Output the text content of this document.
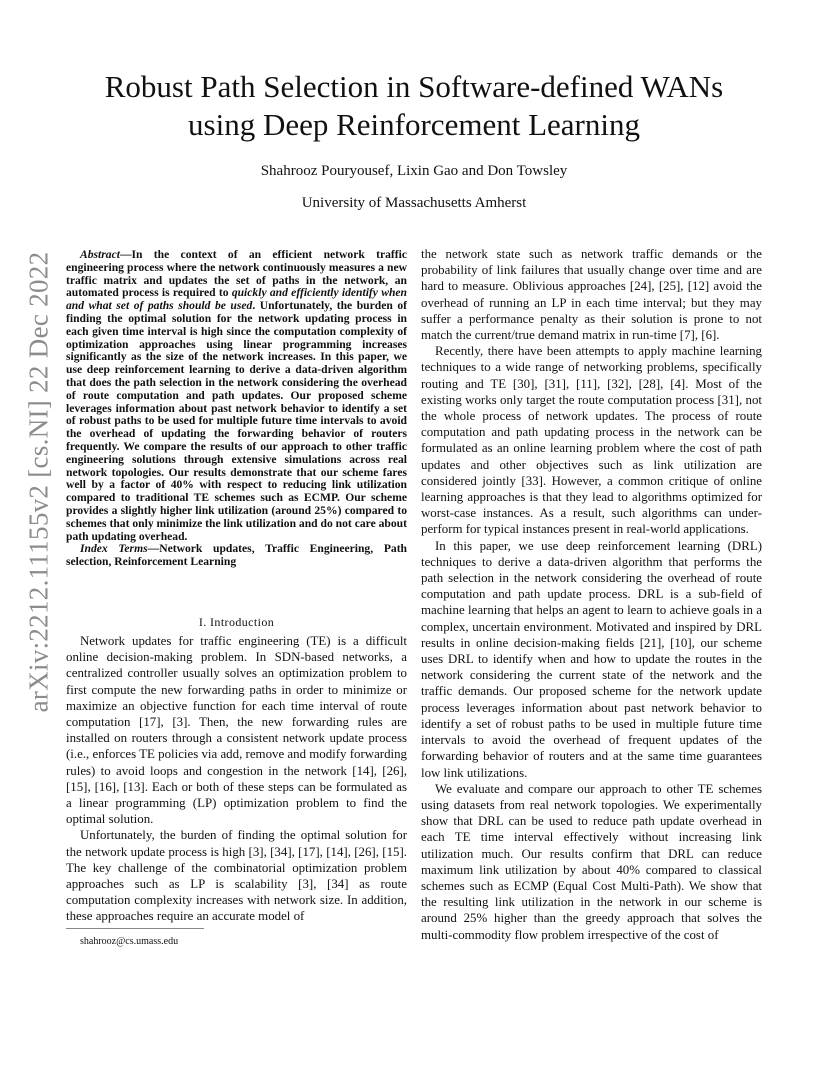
arXiv:2212.11155v2 [cs.NI] 22 Dec 2022
Robust Path Selection in Software-defined WANs using Deep Reinforcement Learning
Shahrooz Pouryousef, Lixin Gao and Don Towsley
University of Massachusetts Amherst

Abstract—In the context of an efficient network traffic engineering process where the network continuously measures a new traffic matrix and updates the set of paths in the network, an automated process is required to quickly and efficiently identify when and what set of paths should be used. Unfortunately, the burden of finding the optimal solution for the network updating process in each given time interval is high since the computation complexity of optimization approaches using linear programming increases significantly as the size of the network increases. In this paper, we use deep reinforcement learning to derive a data-driven algorithm that does the path selection in the network considering the overhead of route computation and path updates. Our proposed scheme leverages information about past network behavior to identify a set of robust paths to be used for multiple future time intervals to avoid the overhead of updating the forwarding behavior of routers frequently. We compare the results of our approach to other traffic engineering solutions through extensive simulations across real network topologies. Our results demonstrate that our scheme fares well by a factor of 40% with respect to reducing link utilization compared to traditional TE schemes such as ECMP. Our scheme provides a slightly higher link utilization (around 25%) compared to schemes that only minimize the link utilization and do not care about path updating overhead.

Index Terms—Network updates, Traffic Engineering, Path selection, Reinforcement Learning

I. Introduction

Network updates for traffic engineering (TE) is a difficult online decision-making problem. In SDN-based networks, a centralized controller usually solves an optimization problem to first compute the new forwarding paths in order to minimize or maximize an objective function for each time interval of route computation [17], [3]. Then, the new forwarding rules are installed on routers through a consistent network update process (i.e., enforces TE policies via add, remove and modify forwarding rules) to avoid loops and congestion in the network [14], [26], [15], [16], [13]. Each or both of these steps can be formulated as a linear programming (LP) optimization problem to find the optimal solution.

Unfortunately, the burden of finding the optimal solution for the network update process is high [3], [34], [17], [14], [26], [15]. The key challenge of the combinatorial optimization problem approaches such as LP is scalability [3], [34] as route computation complexity increases with network size. In addition, these approaches require an accurate model of

shahrooz@cs.umass.edu

the network state such as network traffic demands or the probability of link failures that usually change over time and are hard to measure. Oblivious approaches [24], [25], [12] avoid the overhead of running an LP in each time interval; but they may suffer a performance penalty as their solution is prone to not match the current/true demand matrix in run-time [7], [6].

Recently, there have been attempts to apply machine learning techniques to a wide range of networking problems, specifically routing and TE [30], [31], [11], [32], [28], [4]. Most of the existing works only target the route computation process [31], not the whole process of network updates. The process of route computation and path updating process in the network can be formulated as an online learning problem where the cost of path updates and other objectives such as link utilization are considered jointly [33]. However, a common critique of online learning approaches is that they lead to algorithms optimized for worst-case instances. As a result, such algorithms can under-perform for typical instances present in real-world applications.

In this paper, we use deep reinforcement learning (DRL) techniques to derive a data-driven algorithm that performs the path selection in the network considering the overhead of route computation and path update process. DRL is a sub-field of machine learning that helps an agent to learn to achieve goals in a complex, uncertain environment. Motivated and inspired by DRL results in online decision-making fields [21], [10], our scheme uses DRL to identify when and how to update the routes in the network considering the current state of the network and the traffic demands. Our proposed scheme for the network update process leverages information about past network behavior to identify a set of robust paths to be used in multiple future time intervals to avoid the overhead of frequent updates of the forwarding behavior of routers and at the same time guarantees low link utilizations.

We evaluate and compare our approach to other TE schemes using datasets from real network topologies. We experimentally show that DRL can be used to reduce path update overhead in each TE time interval effectively without increasing link utilization much. Our results confirm that DRL can reduce maximum link utilization by about 40% compared to classical schemes such as ECMP (Equal Cost Multi-Path). We show that the resulting link utilization in the network in our scheme is around 25% higher than the greedy approach that solves the multi-commodity flow problem irrespective of the cost of
